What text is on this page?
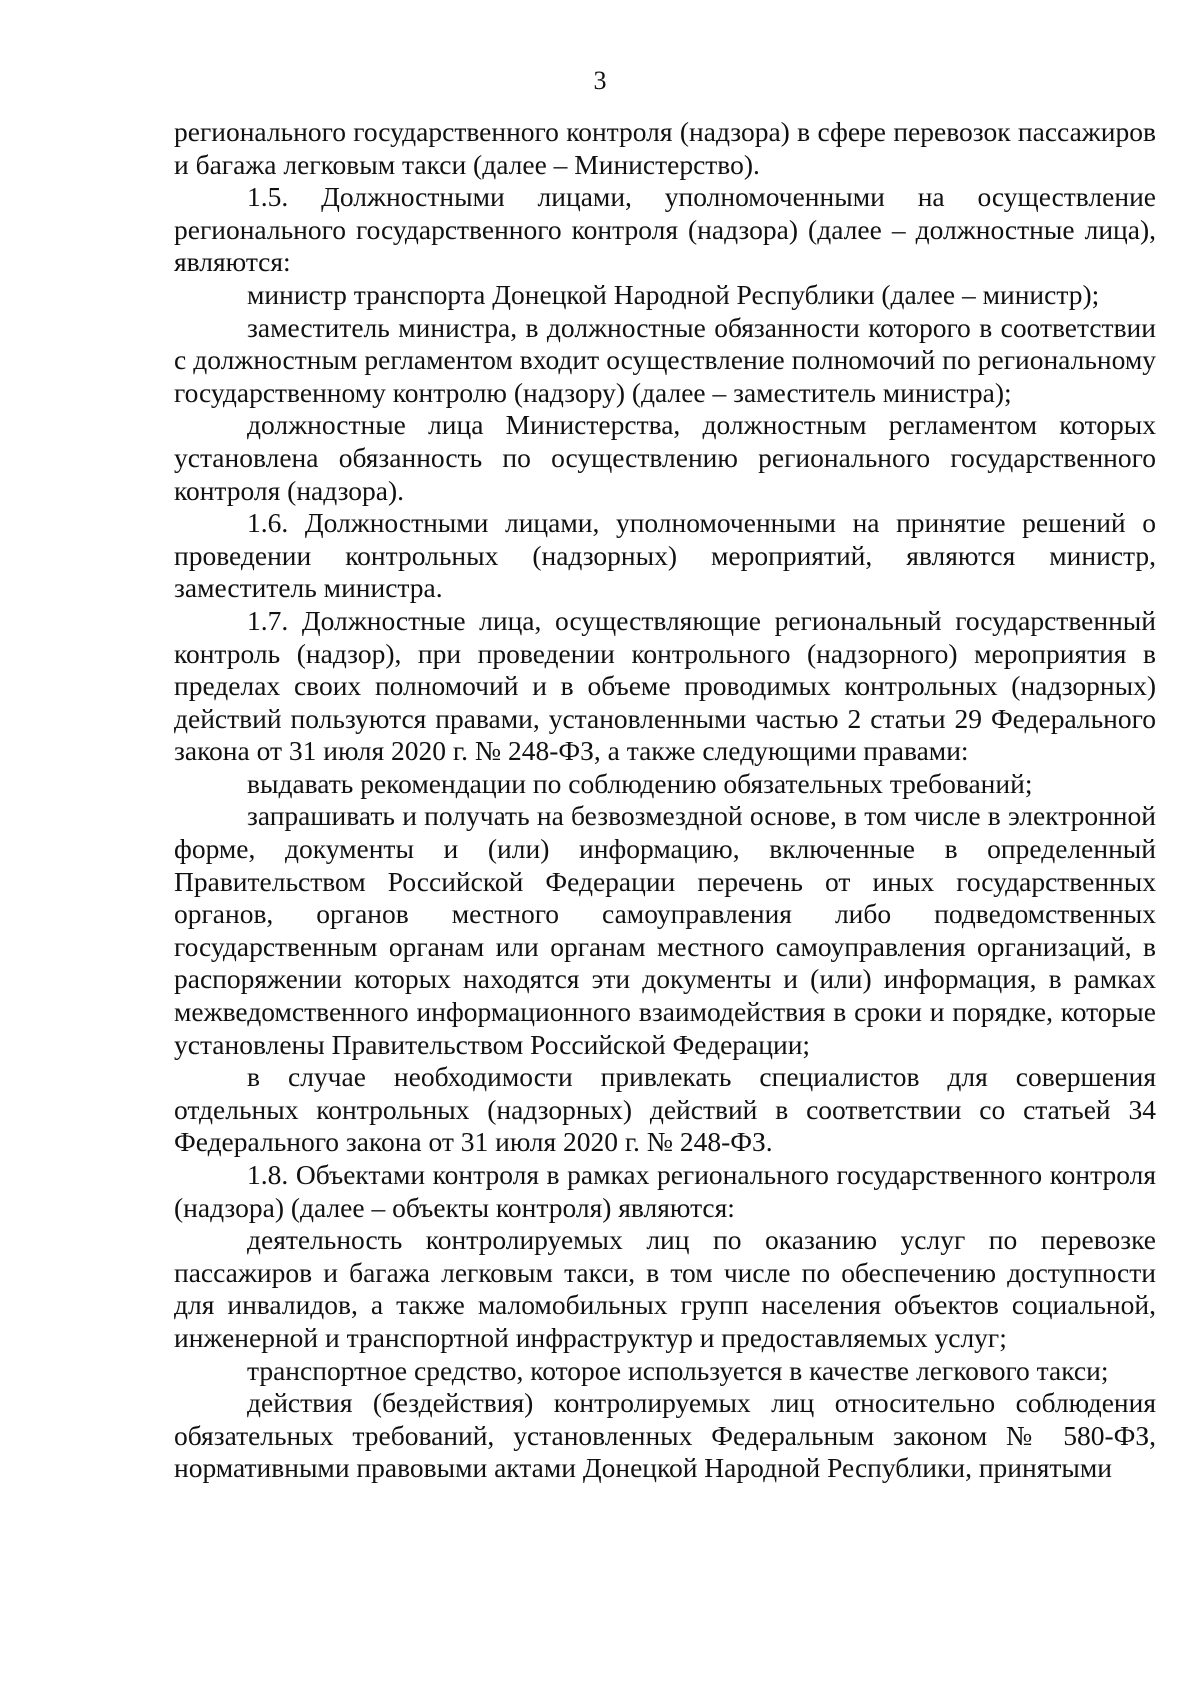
3

регионального государственного контроля (надзора) в сфере перевозок пассажиров и багажа легковым такси (далее – Министерство).

1.5. Должностными лицами, уполномоченными на осуществление регионального государственного контроля (надзора) (далее – должностные лица), являются:

министр транспорта Донецкой Народной Республики (далее – министр);

заместитель министра, в должностные обязанности которого в соответствии с должностным регламентом входит осуществление полномочий по региональному государственному контролю (надзору) (далее – заместитель министра);

должностные лица Министерства, должностным регламентом которых установлена обязанность по осуществлению регионального государственного контроля (надзора).

1.6. Должностными лицами, уполномоченными на принятие решений о проведении контрольных (надзорных) мероприятий, являются министр, заместитель министра.

1.7. Должностные лица, осуществляющие региональный государственный контроль (надзор), при проведении контрольного (надзорного) мероприятия в пределах своих полномочий и в объеме проводимых контрольных (надзорных) действий пользуются правами, установленными частью 2 статьи 29 Федерального закона от 31 июля 2020 г. № 248-ФЗ, а также следующими правами:

выдавать рекомендации по соблюдению обязательных требований;

запрашивать и получать на безвозмездной основе, в том числе в электронной форме, документы и (или) информацию, включенные в определенный Правительством Российской Федерации перечень от иных государственных органов, органов местного самоуправления либо подведомственных государственным органам или органам местного самоуправления организаций, в распоряжении которых находятся эти документы и (или) информация, в рамках межведомственного информационного взаимодействия в сроки и порядке, которые установлены Правительством Российской Федерации;

в случае необходимости привлекать специалистов для совершения отдельных контрольных (надзорных) действий в соответствии со статьей 34 Федерального закона от 31 июля 2020 г. № 248-ФЗ.

1.8. Объектами контроля в рамках регионального государственного контроля (надзора) (далее – объекты контроля) являются:

деятельность контролируемых лиц по оказанию услуг по перевозке пассажиров и багажа легковым такси, в том числе по обеспечению доступности для инвалидов, а также маломобильных групп населения объектов социальной, инженерной и транспортной инфраструктур и предоставляемых услуг;

транспортное средство, которое используется в качестве легкового такси;

действия (бездействия) контролируемых лиц относительно соблюдения обязательных требований, установленных Федеральным законом № 580-ФЗ, нормативными правовыми актами Донецкой Народной Республики, принятыми
